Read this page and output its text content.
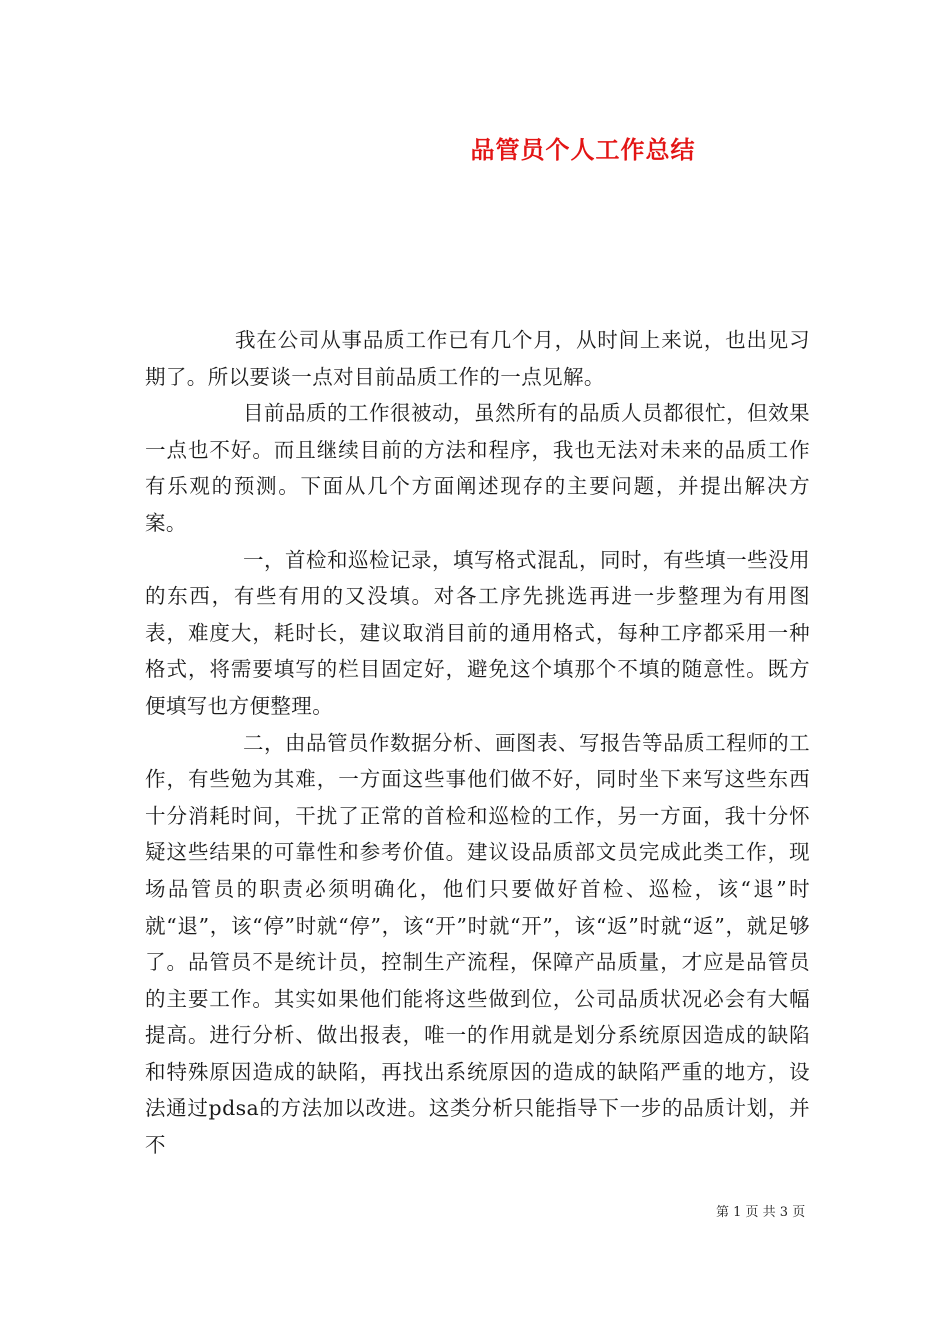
品管员个人工作总结

我在公司从事品质工作已有几个月，从时间上来说，也出见习期了。所以要谈一点对目前品质工作的一点见解。

目前品质的工作很被动，虽然所有的品质人员都很忙，但效果一点也不好。而且继续目前的方法和程序，我也无法对未来的品质工作有乐观的预测。下面从几个方面阐述现存的主要问题，并提出解决方案。

一，首检和巡检记录，填写格式混乱，同时，有些填一些没用的东西，有些有用的又没填。对各工序先挑选再进一步整理为有用图表，难度大，耗时长，建议取消目前的通用格式，每种工序都采用一种格式，将需要填写的栏目固定好，避免这个填那个不填的随意性。既方便填写也方便整理。

二，由品管员作数据分析、画图表、写报告等品质工程师的工作，有些勉为其难，一方面这些事他们做不好，同时坐下来写这些东西十分消耗时间，干扰了正常的首检和巡检的工作，另一方面，我十分怀疑这些结果的可靠性和参考价值。建议设品质部文员完成此类工作，现场品管员的职责必须明确化，他们只要做好首检、巡检，该“退”时就“退”，该“停”时就“停”，该“开”时就“开”，该“返”时就“返”，就足够了。品管员不是统计员，控制生产流程，保障产品质量，才应是品管员的主要工作。其实如果他们能将这些做到位，公司品质状况必会有大幅提高。进行分析、做出报表，唯一的作用就是划分系统原因造成的缺陷和特殊原因造成的缺陷，再找出系统原因的造成的缺陷严重的地方，设法通过pdsa的方法加以改进。这类分析只能指导下一步的品质计划，并不

第 1 页 共 3 页
